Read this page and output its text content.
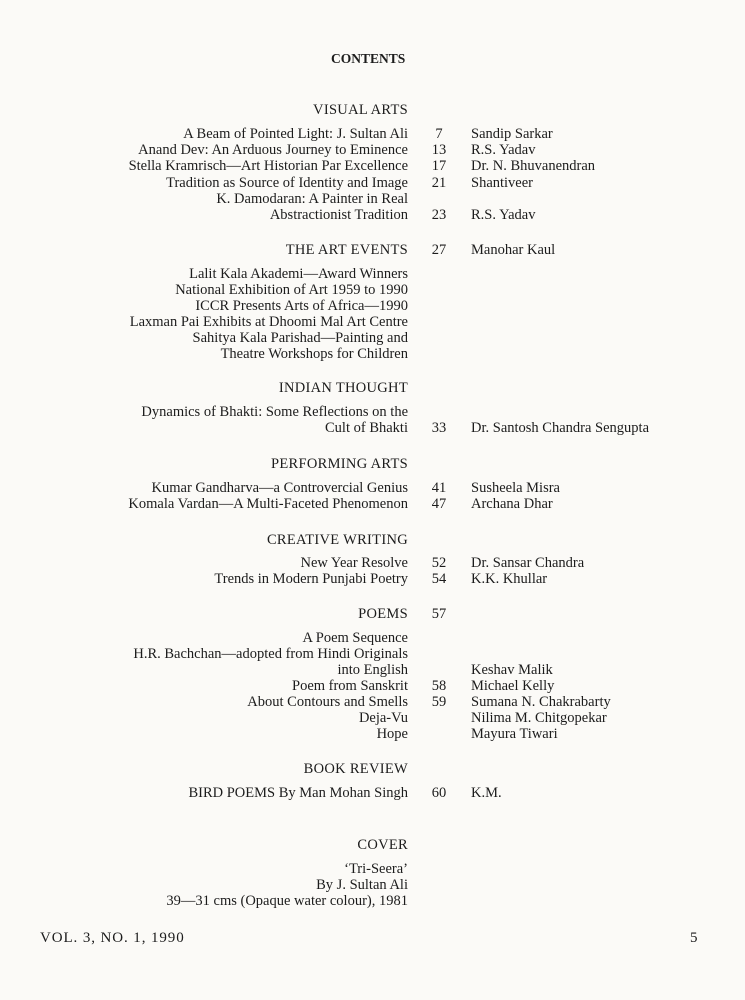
CONTENTS
VISUAL ARTS
A Beam of Pointed Light: J. Sultan Ali	7	Sandip Sarkar
Anand Dev: An Arduous Journey to Eminence	13	R.S. Yadav
Stella Kramrisch—Art Historian Par Excellence	17	Dr. N. Bhuvanendran
Tradition as Source of Identity and Image	21	Shantiveer
K. Damodaran: A Painter in Real
Abstractionist Tradition	23	R.S. Yadav
THE ART EVENTS	27	Manohar Kaul
Lalit Kala Akademi—Award Winners
National Exhibition of Art 1959 to 1990
ICCR Presents Arts of Africa—1990
Laxman Pai Exhibits at Dhoomi Mal Art Centre
Sahitya Kala Parishad—Painting and
Theatre Workshops for Children
INDIAN THOUGHT
Dynamics of Bhakti: Some Reflections on the
Cult of Bhakti	33	Dr. Santosh Chandra Sengupta
PERFORMING ARTS
Kumar Gandharva—a Controvercial Genius	41	Susheela Misra
Komala Vardan—A Multi-Faceted Phenomenon	47	Archana Dhar
CREATIVE WRITING
New Year Resolve	52	Dr. Sansar Chandra
Trends in Modern Punjabi Poetry	54	K.K. Khullar
POEMS	57
A Poem Sequence
H.R. Bachchan—adopted from Hindi Originals
into English	Keshav Malik
Poem from Sanskrit	58	Michael Kelly
About Contours and Smells	59	Sumana N. Chakrabarty
Deja-Vu	Nilima M. Chitgopekar
Hope	Mayura Tiwari
BOOK REVIEW
BIRD POEMS By Man Mohan Singh	60	K.M.
COVER
‘Tri-Seera’
By J. Sultan Ali
39—31 cms (Opaque water colour), 1981
VOL. 3, NO. 1, 1990	5
